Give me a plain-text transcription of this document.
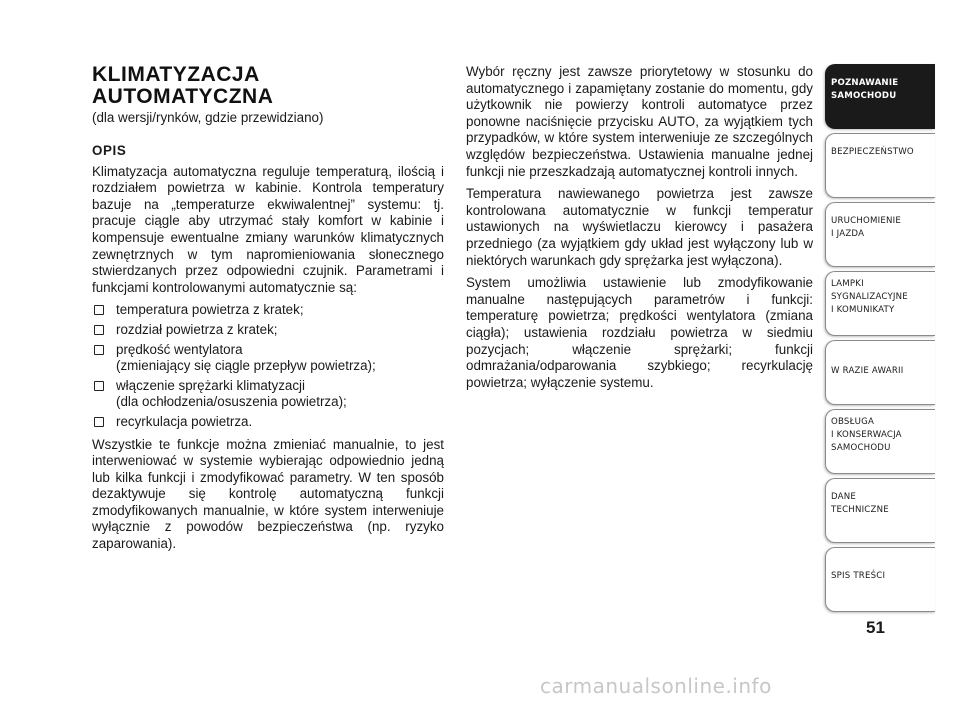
KLIMATYZACJA
AUTOMATYCZNA
(dla wersji/rynków, gdzie przewidziano)
OPIS

Klimatyzacja automatyczna reguluje temperaturą, ilością i rozdziałem powietrza w kabinie. Kontrola temperatury bazuje na „temperaturze ekwiwalentnej” systemu: tj. pracuje ciągle aby utrzymać stały komfort w kabinie i kompensuje ewentualne zmiany warunków klimatycznych zewnętrznych w tym napromieniowania słonecznego stwierdzanych przez odpowiedni czujnik. Parametrami i funkcjami kontrolowanymi automatycznie są:

temperatura powietrza z kratek;
rozdział powietrza z kratek;
prędkość wentylatora
(zmieniający się ciągle przepływ powietrza);
włączenie sprężarki klimatyzacji
(dla ochłodzenia/osuszenia powietrza);
recyrkulacja powietrza.

Wszystkie te funkcje można zmieniać manualnie, to jest interweniować w systemie wybierając odpowiednio jedną lub kilka funkcji i zmodyfikować parametry. W ten sposób dezaktywuje się kontrolę automatyczną funkcji zmodyfikowanych manualnie, w które system interweniuje wyłącznie z powodów bezpieczeństwa (np. ryzyko zaparowania).

Wybór ręczny jest zawsze priorytetowy w stosunku do automatycznego i zapamiętany zostanie do momentu, gdy użytkownik nie powierzy kontroli automatyce przez ponowne naciśnięcie przycisku AUTO, za wyjątkiem tych przypadków, w które system interweniuje ze szczególnych względów bezpieczeństwa. Ustawienia manualne jednej funkcji nie przeszkadzają automatycznej kontroli innych.

Temperatura nawiewanego powietrza jest zawsze kontrolowana automatycznie w funkcji temperatur ustawionych na wyświetlaczu kierowcy i pasażera przedniego (za wyjątkiem gdy układ jest wyłączony lub w niektórych warunkach gdy sprężarka jest wyłączona).

System umożliwia ustawienie lub zmodyfikowanie manualne następujących parametrów i funkcji: temperaturę powietrza; prędkości wentylatora (zmiana ciągła); ustawienia rozdziału powietrza w siedmiu pozycjach; włączenie sprężarki; funkcji odmrażania/odparowania szybkiego; recyrkulację powietrza; wyłączenie systemu.

POZNAWANIE
SAMOCHODU
BEZPIECZEŃSTWO
URUCHOMIENIE
I JAZDA
LAMPKI
SYGNALIZACYJNE
I KOMUNIKATY
W RAZIE AWARII
OBSŁUGA
I KONSERWACJA
SAMOCHODU
DANE
TECHNICZNE
SPIS TREŚCI
51
carmanualsonline.info
